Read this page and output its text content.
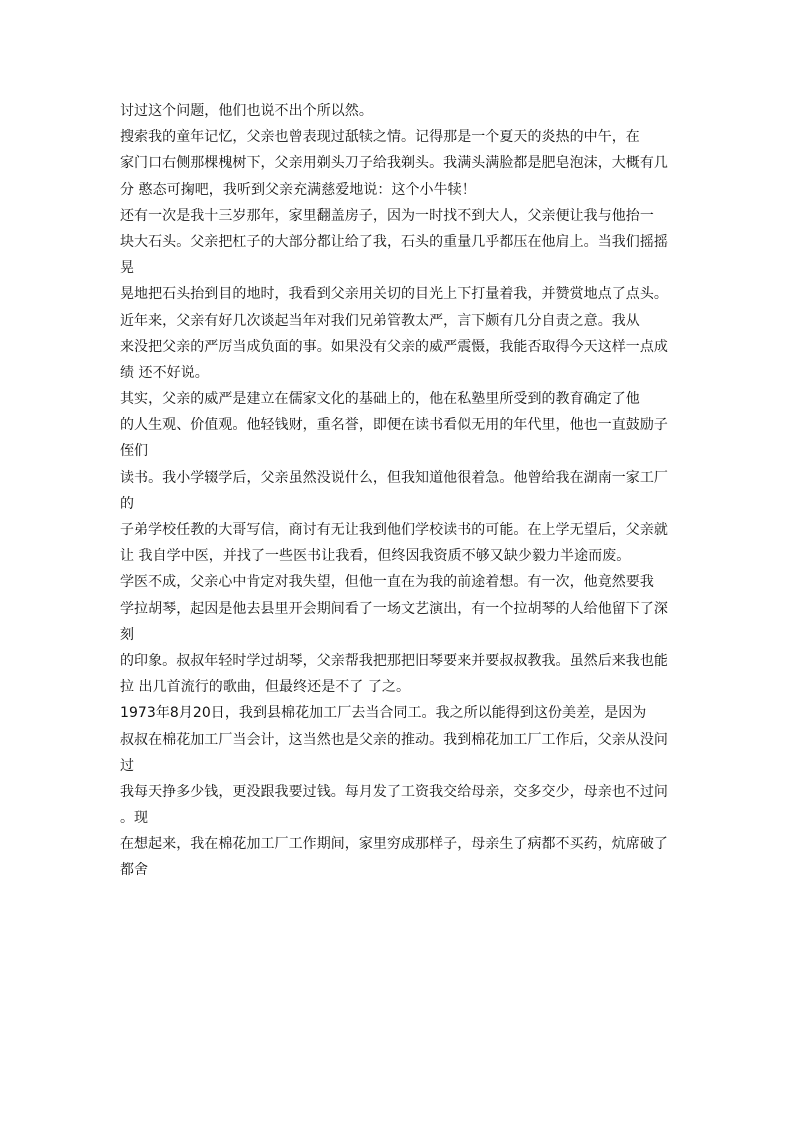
讨过这个问题，他们也说不出个所以然。
搜索我的童年记忆，父亲也曾表现过舐犊之情。记得那是一个夏天的炎热的中午，在
家门口右侧那棵槐树下，父亲用剃头刀子给我剃头。我满头满脸都是肥皂泡沫，大概有几
分 憨态可掬吧，我听到父亲充满慈爱地说：这个小牛犊！
还有一次是我十三岁那年，家里翻盖房子，因为一时找不到大人，父亲便让我与他抬一
块大石头。父亲把杠子的大部分都让给了我，石头的重量几乎都压在他肩上。当我们摇摇
晃
晃地把石头抬到目的地时，我看到父亲用关切的目光上下打量着我，并赞赏地点了点头。
近年来，父亲有好几次谈起当年对我们兄弟管教太严，言下颇有几分自责之意。我从
来没把父亲的严厉当成负面的事。如果没有父亲的威严震慑，我能否取得今天这样一点成
绩 还不好说。
其实，父亲的威严是建立在儒家文化的基础上的，他在私塾里所受到的教育确定了他
的人生观、价值观。他轻钱财，重名誉，即便在读书看似无用的年代里，他也一直鼓励子
侄们
读书。我小学辍学后，父亲虽然没说什么，但我知道他很着急。他曾给我在湖南一家工厂
的
子弟学校任教的大哥写信，商讨有无让我到他们学校读书的可能。在上学无望后，父亲就
让 我自学中医，并找了一些医书让我看，但终因我资质不够又缺少毅力半途而废。
学医不成，父亲心中肯定对我失望，但他一直在为我的前途着想。有一次，他竟然要我
学拉胡琴，起因是他去县里开会期间看了一场文艺演出，有一个拉胡琴的人给他留下了深
刻
的印象。叔叔年轻时学过胡琴，父亲帮我把那把旧琴要来并要叔叔教我。虽然后来我也能
拉 出几首流行的歌曲，但最终还是不了 了之。
1973年8月20日，我到县棉花加工厂去当合同工。我之所以能得到这份美差，是因为
叔叔在棉花加工厂当会计，这当然也是父亲的推动。我到棉花加工厂工作后，父亲从没问
过
我每天挣多少钱，更没跟我要过钱。每月发了工资我交给母亲，交多交少，母亲也不过问
。现
在想起来，我在棉花加工厂工作期间，家里穷成那样子，母亲生了病都不买药，炕席破了
都舍
